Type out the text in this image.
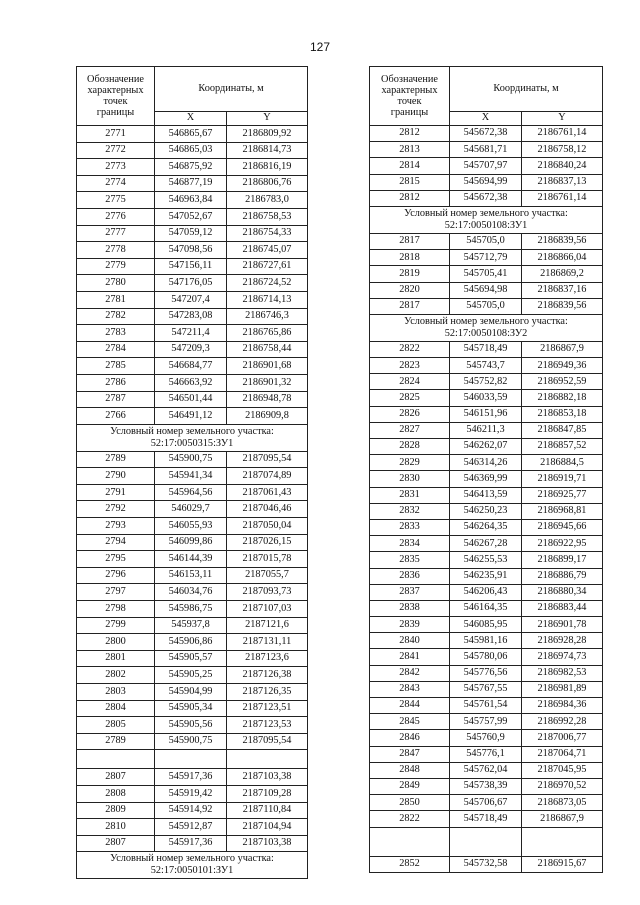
127
Обозначение
характерных
точек
границы	Координаты, м	
	X	Y
2771	546865,67	2186809,92
2772	546865,03	2186814,73
2773	546875,92	2186816,19
2774	546877,19	2186806,76
2775	546963,84	2186783,0
2776	547052,67	2186758,53
2777	547059,12	2186754,33
2778	547098,56	2186745,07
2779	547156,11	2186727,61
2780	547176,05	2186724,52
2781	547207,4	2186714,13
2782	547283,08	2186746,3
2783	547211,4	2186765,86
2784	547209,3	2186758,44
2785	546684,77	2186901,68
2786	546663,92	2186901,32
2787	546501,44	2186948,78
2766	546491,12	2186909,8
Условный номер земельного участка:
52:17:0050315:ЗУ1		
2789	545900,75	2187095,54
2790	545941,34	2187074,89
2791	545964,56	2187061,43
2792	546029,7	2187046,46
2793	546055,93	2187050,04
2794	546099,86	2187026,15
2795	546144,39	2187015,78
2796	546153,11	2187055,7
2797	546034,76	2187093,73
2798	545986,75	2187107,03
2799	545937,8	2187121,6
2800	545906,86	2187131,11
2801	545905,57	2187123,6
2802	545905,25	2187126,38
2803	545904,99	2187126,35
2804	545905,34	2187123,51
2805	545905,56	2187123,53
2789	545900,75	2187095,54

2807	545917,36	2187103,38
2808	545919,42	2187109,28
2809	545914,92	2187110,84
2810	545912,87	2187104,94
2807	545917,36	2187103,38
Условный номер земельного участка:
52:17:0050101:ЗУ1		
Обозначение
характерных
точек
границы	Координаты, м	
	X	Y
2812	545672,38	2186761,14
2813	545681,71	2186758,12
2814	545707,97	2186840,24
2815	545694,99	2186837,13
2812	545672,38	2186761,14
Условный номер земельного участка:
52:17:0050108:ЗУ1		
2817	545705,0	2186839,56
2818	545712,79	2186866,04
2819	545705,41	2186869,2
2820	545694,98	2186837,16
2817	545705,0	2186839,56
Условный номер земельного участка:
52:17:0050108:ЗУ2		
2822	545718,49	2186867,9
2823	545743,7	2186949,36
2824	545752,82	2186952,59
2825	546033,59	2186882,18
2826	546151,96	2186853,18
2827	546211,3	2186847,85
2828	546262,07	2186857,52
2829	546314,26	2186884,5
2830	546369,99	2186919,71
2831	546413,59	2186925,77
2832	546250,23	2186968,81
2833	546264,35	2186945,66
2834	546267,28	2186922,95
2835	546255,53	2186899,17
2836	546235,91	2186886,79
2837	546206,43	2186880,34
2838	546164,35	2186883,44
2839	546085,95	2186901,78
2840	545981,16	2186928,28
2841	545780,06	2186974,73
2842	545776,56	2186982,53
2843	545767,55	2186981,89
2844	545761,54	2186984,36
2845	545757,99	2186992,28
2846	545760,9	2187006,77
2847	545776,1	2187064,71
2848	545762,04	2187045,95
2849	545738,39	2186970,52
2850	545706,67	2186873,05
2822	545718,49	2186867,9

2852	545732,58	2186915,67
